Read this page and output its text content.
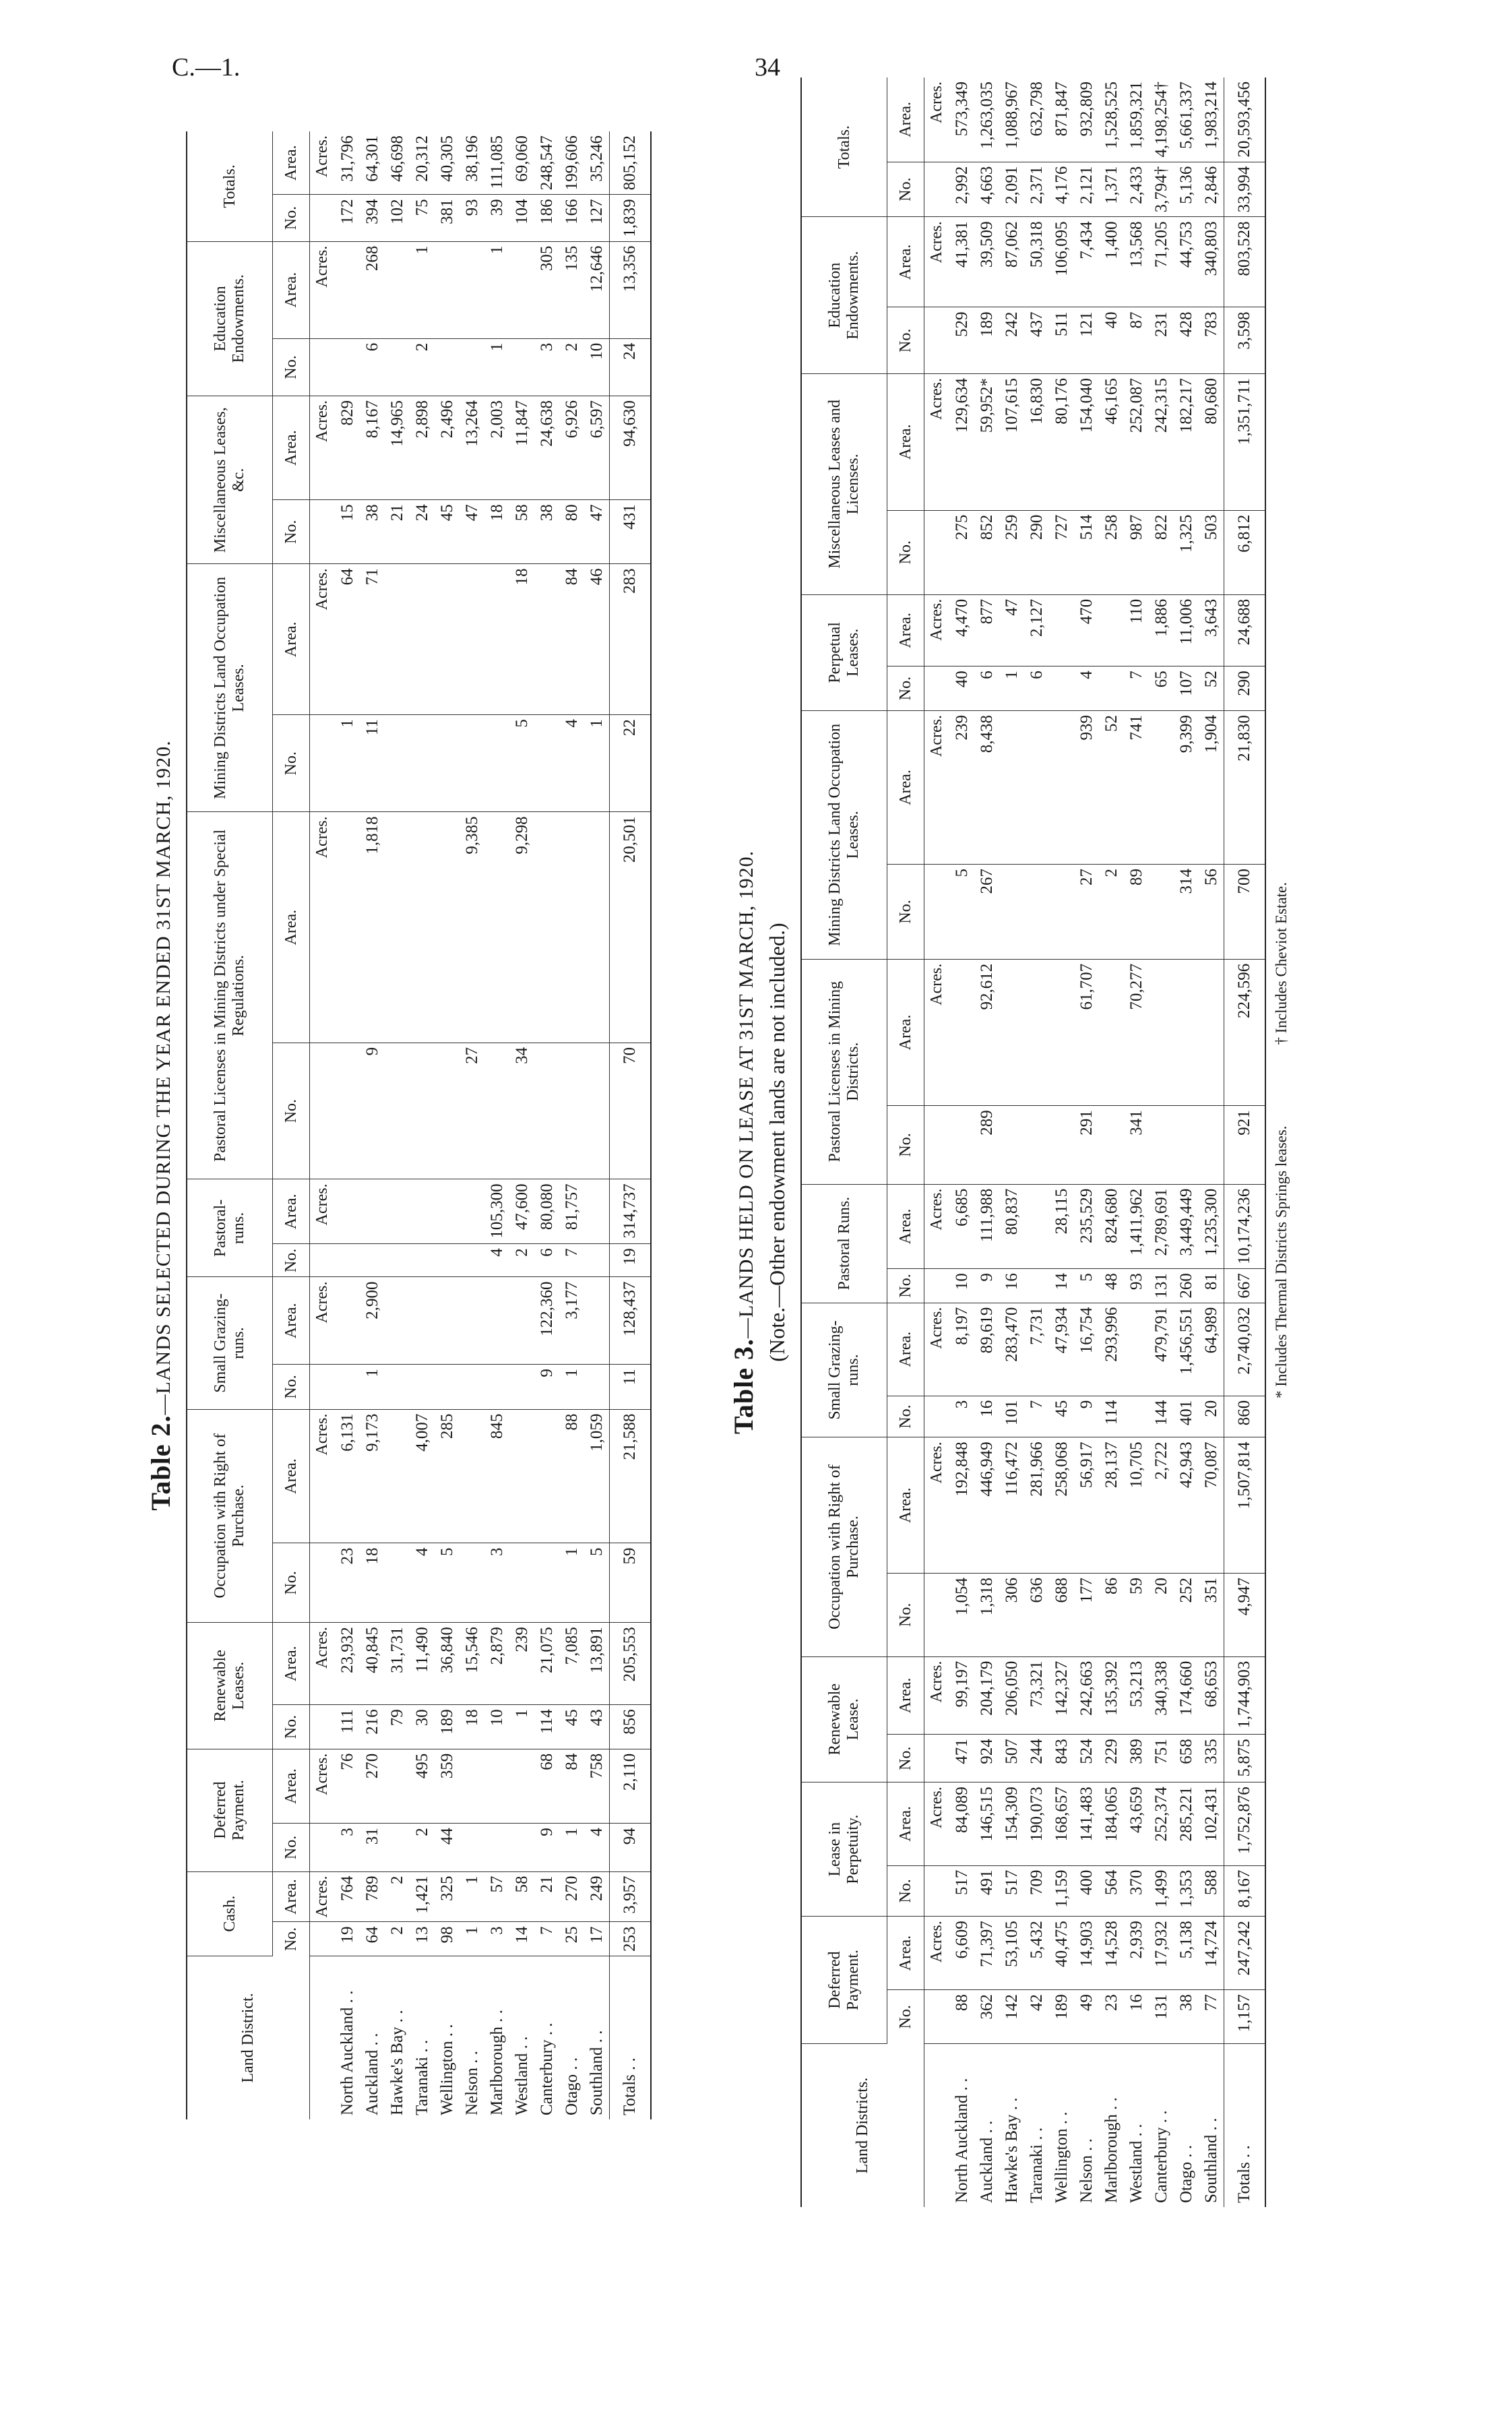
C.—1.	34
Table 2.—LANDS SELECTED DURING THE YEAR ENDED 31ST MARCH, 1920.
Land District.	Cash.		Deferred Payment.		Renewable Leases.		Occupation with Right of Purchase.		Small Grazing-runs.		Pastoral-runs.		Pastoral Licenses in Mining Districts under Special Regulations.		Mining Districts Land Occupation Leases.		Miscellaneous Leases, &c.		Education Endowments.		Totals.	
	No.	Area.	No.	Area.	No.	Area.	No.	Area.	No.	Area.	No.	Area.	No.	Area.	No.	Area.	No.	Area.	No.	Area.	No.	Area.
		Acres.		Acres.		Acres.		Acres.		Acres.		Acres.		Acres.		Acres.		Acres.		Acres.		Acres.
North Auckland . .	19	764	3	76	111	23,932	23	6,131							1	64	15	829			172	31,796
Auckland . .	64	789	31	270	216	40,845	18	9,173	1	2,900			9	1,818	11	71	38	8,167	6	268	394	64,301
Hawke's Bay . .	2	2			79	31,731											21	14,965			102	46,698
Taranaki . .	13	1,421	2	495	30	11,490	4	4,007									24	2,898	2	1	75	20,312
Wellington . .	98	325	44	359	189	36,840	5	285									45	2,496			381	40,305
Nelson . .	1	1			18	15,546							27	9,385			47	13,264			93	38,196
Marlborough . .	3	57			10	2,879	3	845			4	105,300					18	2,003	1	1	39	111,085
Westland . .	14	58			1	239					2	47,600	34	9,298	5	18	58	11,847			104	69,060
Canterbury . .	7	21	9	68	114	21,075			9	122,360	6	80,080					38	24,638	3	305	186	248,547
Otago . .	25	270	1	84	45	7,085	1	88	1	3,177	7	81,757			4	84	80	6,926	2	135	166	199,606
Southland . .	17	249	4	758	43	13,891	5	1,059							1	46	47	6,597	10	12,646	127	35,246
Totals . .	253	3,957	94	2,110	856	205,553	59	21,588	11	128,437	19	314,737	70	20,501	22	283	431	94,630	24	13,356	1,839	805,152
Table 3.—LANDS HELD ON LEASE AT 31ST MARCH, 1920. (Note.—Other endowment lands are not included.)
Land Districts.	Deferred Payment.		Lease in Perpetuity.		Renewable Lease.		Occupation with Right of Purchase.		Small Grazing-runs.		Pastoral Runs.		Pastoral Licenses in Mining Districts.		Mining Districts Land Occupation Leases.		Perpetual Leases.		Miscellaneous Leases and Licenses.		Education Endowments.		Totals.	
	No.	Area.	No.	Area.	No.	Area.	No.	Area.	No.	Area.	No.	Area.	No.	Area.	No.	Area.	No.	Area.	No.	Area.	No.	Area.	No.	Area.
		Acres.		Acres.		Acres.		Acres.		Acres.		Acres.		Acres.		Acres.		Acres.		Acres.		Acres.		Acres.
North Auckland . .	88	6,609	517	84,089	471	99,197	1,054	192,848	3	8,197	10	6,685			5	239	40	4,470	275	129,634	529	41,381	2,992	573,349
Auckland . .	362	71,397	491	146,515	924	204,179	1,318	446,949	16	89,619	9	111,988	289	92,612	267	8,438	6	877	852	59,952*	189	39,509	4,663	1,263,035
Hawke's Bay . .	142	53,105	517	154,309	507	206,050	306	116,472	101	283,470	16	80,837					1	47	259	107,615	242	87,062	2,091	1,088,967
Taranaki . .	42	5,432	709	190,073	244	73,321	636	281,966	7	7,731							6	2,127	290	16,830	437	50,318	2,371	632,798
Wellington . .	189	40,475	1,159	168,657	843	142,327	688	258,068	45	47,934	14	28,115							727	80,176	511	106,095	4,176	871,847
Nelson . .	49	14,903	400	141,483	524	242,663	177	56,917	9	16,754	5	235,529	291	61,707	27	939	4	470	514	154,040	121	7,434	2,121	932,809
Marlborough . .	23	14,528	564	184,065	229	135,392	86	28,137	114	293,996	48	824,680			2	52			258	46,165	40	1,400	1,371	1,528,525
Westland . .	16	2,939	370	43,659	389	53,213	59	10,705			93	1,411,962	341	70,277	89	741	7	110	987	252,087	87	13,568	2,433	1,859,321
Canterbury . .	131	17,932	1,499	252,374	751	340,338	20	2,722	144	479,791	131	2,789,691					65	1,886	822	242,315	231	71,205	3,794†	4,198,254†
Otago . .	38	5,138	1,353	285,221	658	174,660	252	42,943	401	1,456,551	260	3,449,449			314	9,399	107	11,006	1,325	182,217	428	44,753	5,136	5,661,337
Southland . .	77	14,724	588	102,431	335	68,653	351	70,087	20	64,989	81	1,235,300			56	1,904	52	3,643	503	80,680	783	340,803	2,846	1,983,214
Totals . .	1,157	247,242	8,167	1,752,876	5,875	1,744,903	4,947	1,507,814	860	2,740,032	667	10,174,236	921	224,596	700	21,830	290	24,688	6,812	1,351,711	3,598	803,528	33,994	20,593,456
* Includes Thermal Districts Springs leases.
† Includes Cheviot Estate.
